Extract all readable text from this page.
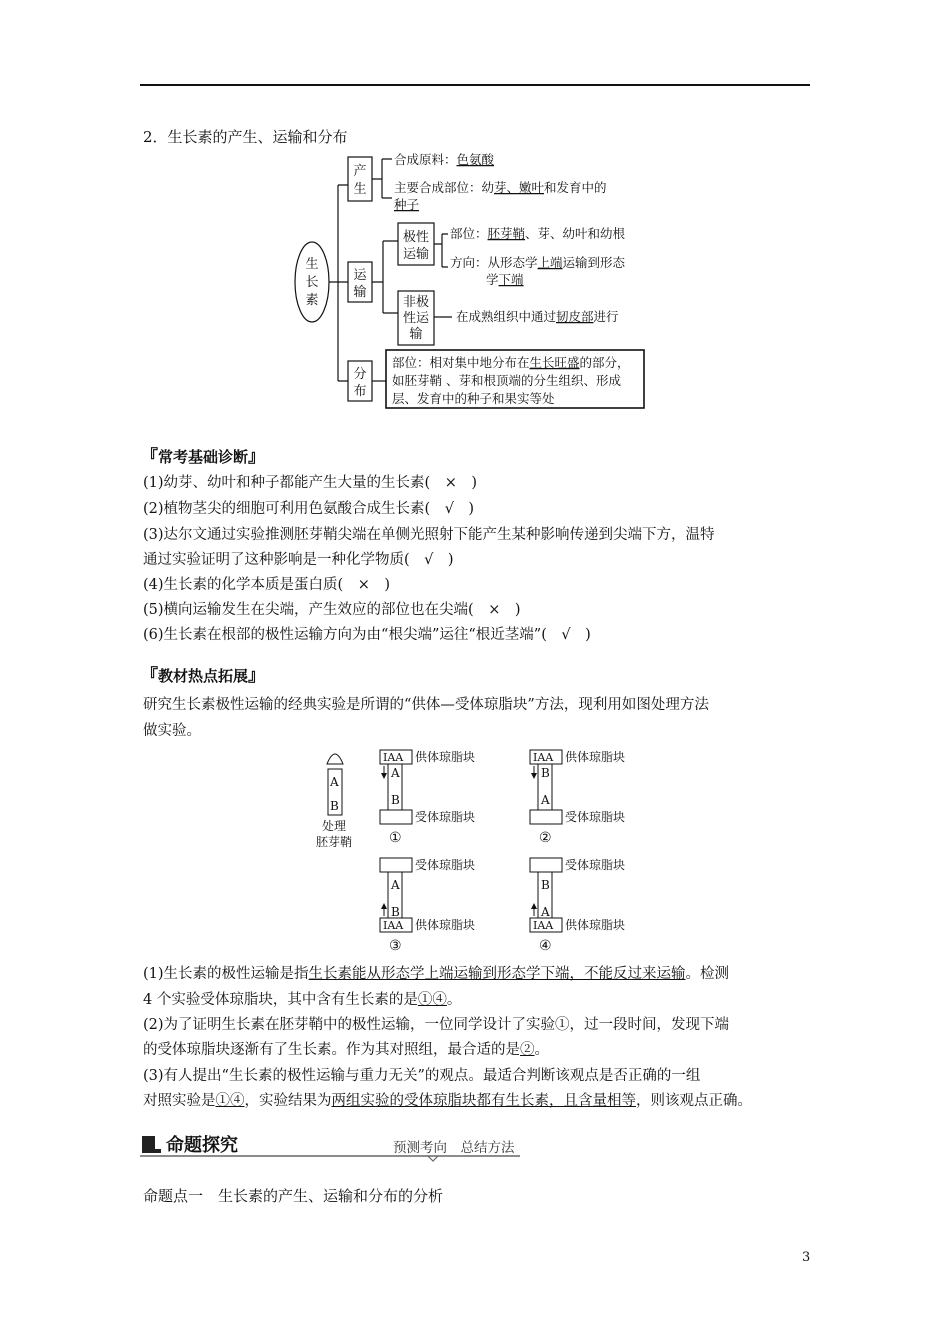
2．生长素的产生、运输和分布
生
长
素
产
生
运
输
分
布
极性
运输
非极
性运
输
合成原料：色氨酸
主要合成部位：幼芽、嫩叶和发育中的
种子
部位：胚芽鞘、芽、幼叶和幼根
方向：从形态学上端运输到形态
学下端
在成熟组织中通过韧皮部进行
部位：相对集中地分布在生长旺盛的部分，
如胚芽鞘 、芽和根顶端的分生组织、形成
层、发育中的种子和果实等处
『常考基础诊断』
(1)幼芽、幼叶和种子都能产生大量的生长素(　×　)
(2)植物茎尖的细胞可利用色氨酸合成生长素(　√　)
(3)达尔文通过实验推测胚芽鞘尖端在单侧光照射下能产生某种影响传递到尖端下方，温特
通过实验证明了这种影响是一种化学物质(　√　)
(4)生长素的化学本质是蛋白质(　×　)
(5)横向运输发生在尖端，产生效应的部位也在尖端(　×　)
(6)生长素在根部的极性运输方向为由“根尖端”运往“根近茎端”(　√　)
『教材热点拓展』
研究生长素极性运输的经典实验是所谓的“供体—受体琼脂块”方法，现利用如图处理方法
做实验。
A
B
处理
胚芽鞘
IAA
A
B
供体琼脂块
受体琼脂块
①
IAA
B
A
供体琼脂块
受体琼脂块
②
受体琼脂块
A
B
IAA 供体琼脂块
③
受体琼脂块
B
A
IAA 供体琼脂块
④
(1)生长素的极性运输是指生长素能从形态学上端运输到形态学下端，不能反过来运输。检测
4 个实验受体琼脂块，其中含有生长素的是①④。
(2)为了证明生长素在胚芽鞘中的极性运输，一位同学设计了实验①，过一段时间，发现下端
的受体琼脂块逐渐有了生长素。作为其对照组，最合适的是②。
(3)有人提出“生长素的极性运输与重力无关”的观点。最适合判断该观点是否正确的一组
对照实验是①④，实验结果为两组实验的受体琼脂块都有生长素，且含量相等，则该观点正确。
命题探究	预测考向　总结方法
命题点一　生长素的产生、运输和分布的分析
3
